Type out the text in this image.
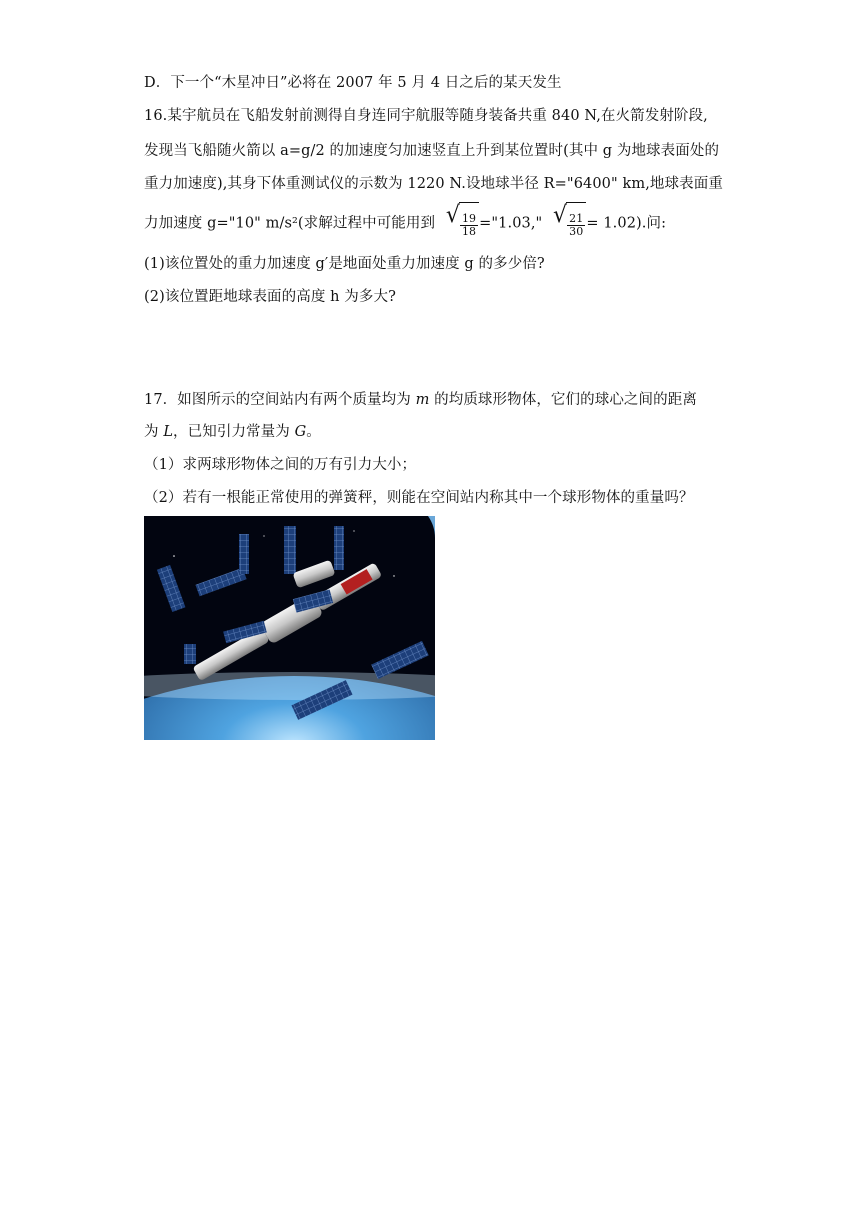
D．下一个“木星冲日”必将在 2007 年 5 月 4 日之后的某天发生
16.某宇航员在飞船发射前测得自身连同宇航服等随身装备共重 840 N,在火箭发射阶段,
发现当飞船随火箭以 a=g/2 的加速度匀加速竖直上升到某位置时(其中 g 为地球表面处的
重力加速度),其身下体重测试仪的示数为 1220 N.设地球半径 R="6400" km,地球表面重
力加速度 g="10" m/s²(求解过程中可能用到 √ $\frac{19}{18}$ ="1.03," √ $\frac{21}{30} = 1.02$).问:
(1)该位置处的重力加速度 g′是地面处重力加速度 g 的多少倍?
(2)该位置距地球表面的高度 h 为多大?
17．如图所示的空间站内有两个质量均为 m 的均质球形物体，它们的球心之间的距离
为 L，已知引力常量为 G。
（1）求两球形物体之间的万有引力大小；
（2）若有一根能正常使用的弹簧秤，则能在空间站内称其中一个球形物体的重量吗？
